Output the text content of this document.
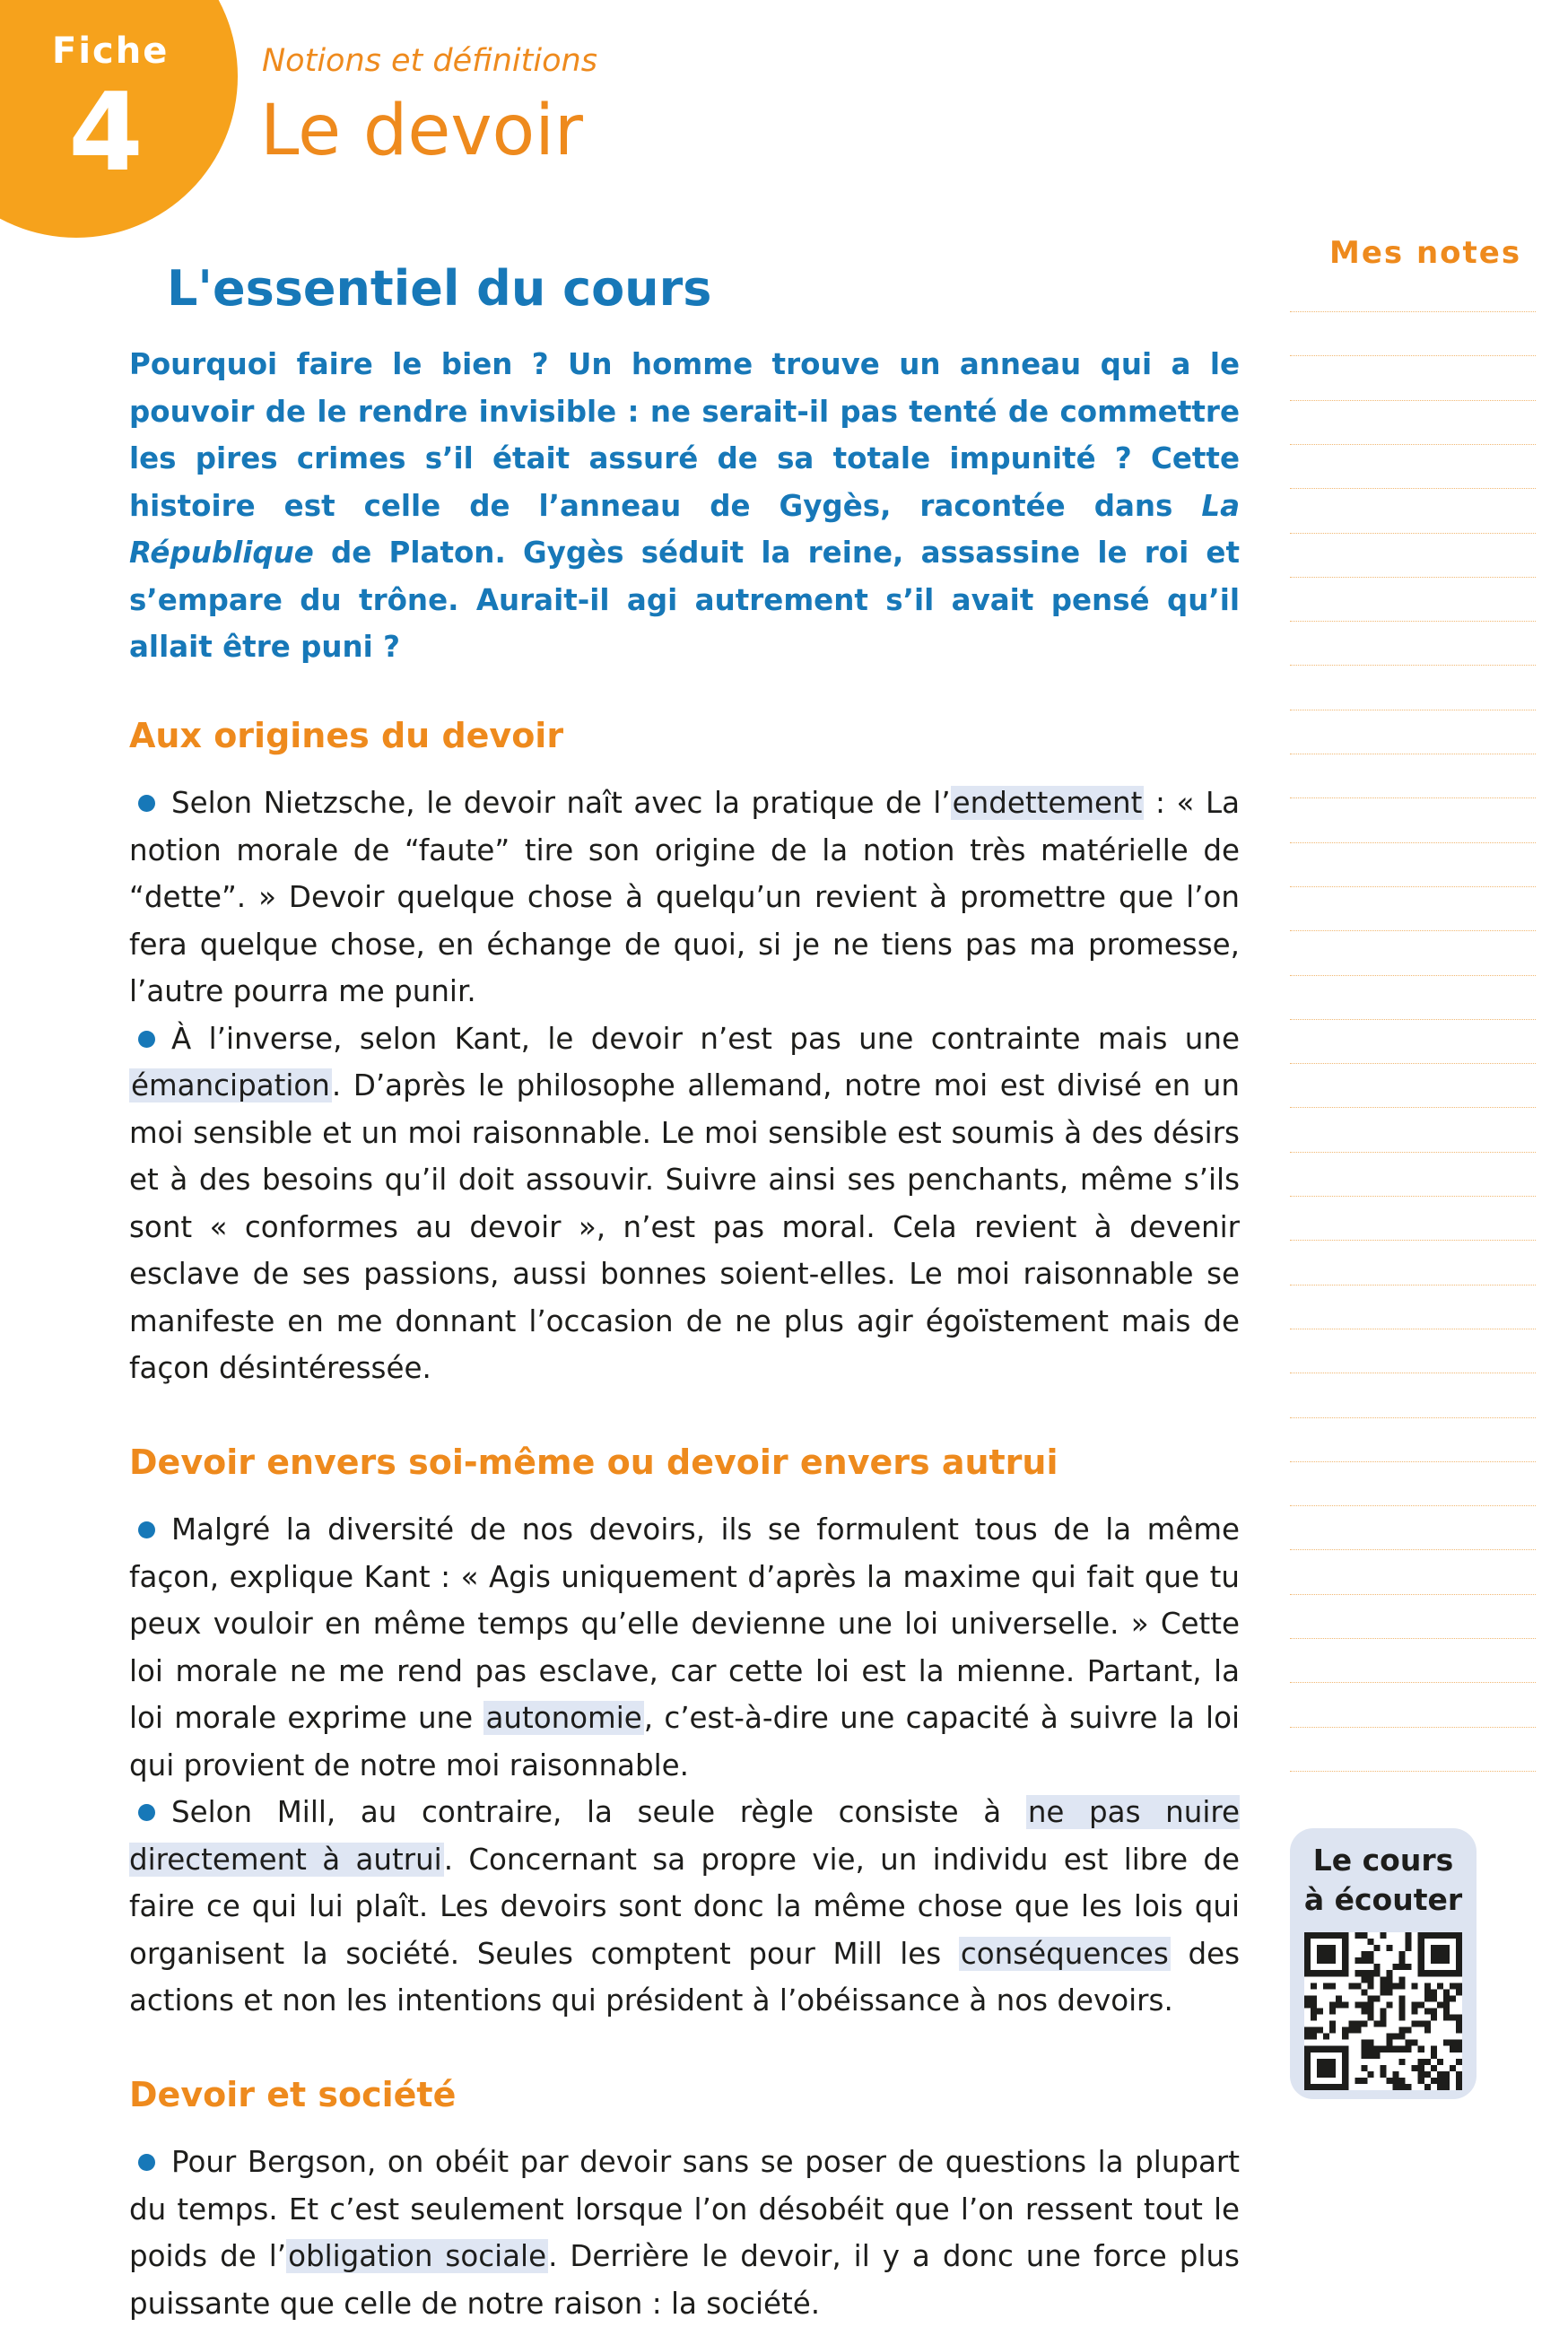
Fiche
4
Notions et définitions
Le devoir
L'essentiel du cours

Pourquoi faire le bien ? Un homme trouve un anneau qui a le pouvoir de le rendre invisible : ne serait-il pas tenté de commettre les pires crimes s’il était assuré de sa totale impunité ? Cette histoire est celle de l’anneau de Gygès, racontée dans La République de Platon. Gygès séduit la reine, assassine le roi et s’empare du trône. Aurait-il agi autrement s’il avait pensé qu’il allait être puni ?

Aux origines du devoir

Selon Nietzsche, le devoir naît avec la pratique de l’endettement : « La notion morale de “faute” tire son origine de la notion très matérielle de “dette”. » Devoir quelque chose à quelqu’un revient à promettre que l’on fera quelque chose, en échange de quoi, si je ne tiens pas ma promesse, l’autre pourra me punir.

À l’inverse, selon Kant, le devoir n’est pas une contrainte mais une émancipation. D’après le philosophe allemand, notre moi est divisé en un moi sensible et un moi raisonnable. Le moi sensible est soumis à des désirs et à des besoins qu’il doit assouvir. Suivre ainsi ses penchants, même s’ils sont « conformes au devoir », n’est pas moral. Cela revient à devenir esclave de ses passions, aussi bonnes soient-elles. Le moi raisonnable se manifeste en me donnant l’occasion de ne plus agir égoïstement mais de façon désintéressée.

Devoir envers soi-même ou devoir envers autrui

Malgré la diversité de nos devoirs, ils se formulent tous de la même façon, explique Kant : « Agis uniquement d’après la maxime qui fait que tu peux vouloir en même temps qu’elle devienne une loi universelle. » Cette loi morale ne me rend pas esclave, car cette loi est la mienne. Partant, la loi morale exprime une autonomie, c’est-à-dire une capacité à suivre la loi qui provient de notre moi raisonnable.

Selon Mill, au contraire, la seule règle consiste à ne pas nuire directement à autrui. Concernant sa propre vie, un individu est libre de faire ce qui lui plaît. Les devoirs sont donc la même chose que les lois qui organisent la société. Seules comptent pour Mill les conséquences des actions et non les intentions qui président à l’obéissance à nos devoirs.

Devoir et société

Pour Bergson, on obéit par devoir sans se poser de questions la plupart du temps. Et c’est seulement lorsque l’on désobéit que l’on ressent tout le poids de l’obligation sociale. Derrière le devoir, il y a donc une force plus puissante que celle de notre raison : la société.

Mes notes
Le cours
à écouter
